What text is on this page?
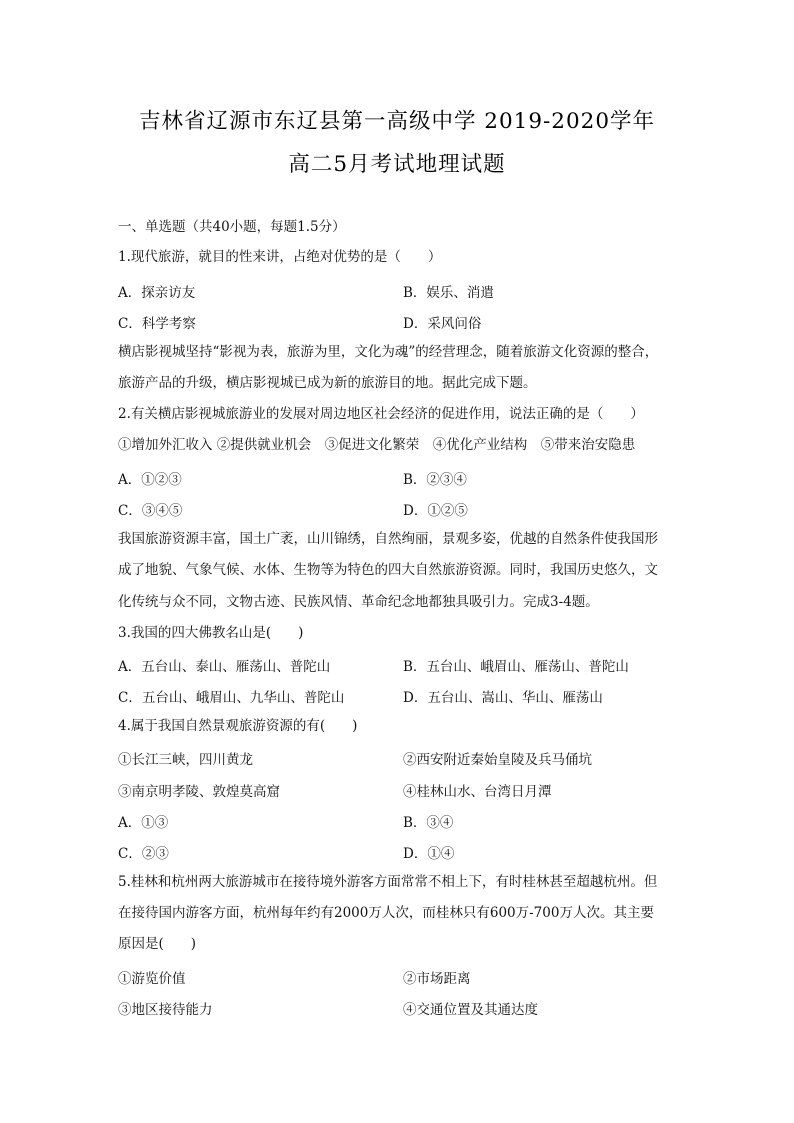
吉林省辽源市东辽县第一高级中学 2019-2020学年
高二5月考试地理试题
一、单选题（共40小题，每题1.5分）
1.现代旅游，就目的性来讲，占绝对优势的是（　　）
A．探亲访友	B．娱乐、消遣
C．科学考察	D．采风问俗
横店影视城坚持“影视为表，旅游为里，文化为魂”的经营理念，随着旅游文化资源的整合，
旅游产品的升级，横店影视城已成为新的旅游目的地。据此完成下题。
2.有关横店影视城旅游业的发展对周边地区社会经济的促进作用，说法正确的是（　　）
①增加外汇收入 ②提供就业机会　③促进文化繁荣　④优化产业结构　⑤带来治安隐患
A．①②③	B．②③④
C．③④⑤	D．①②⑤
我国旅游资源丰富，国土广袤，山川锦绣，自然绚丽，景观多姿，优越的自然条件使我国形
成了地貌、气象气候、水体、生物等为特色的四大自然旅游资源。同时，我国历史悠久，文
化传统与众不同，文物古迹、民族风情、革命纪念地都独具吸引力。完成3-4题。
3.我国的四大佛教名山是(　　)
A．五台山、泰山、雁荡山、普陀山	B．五台山、峨眉山、雁荡山、普陀山
C．五台山、峨眉山、九华山、普陀山	D．五台山、嵩山、华山、雁荡山
4.属于我国自然景观旅游资源的有(　　)
①长江三峡，四川黄龙	②西安附近秦始皇陵及兵马俑坑
③南京明孝陵、敦煌莫高窟	④桂林山水、台湾日月潭
A．①③	B．③④
C．②③	D．①④
5.桂林和杭州两大旅游城市在接待境外游客方面常常不相上下，有时桂林甚至超越杭州。但
在接待国内游客方面，杭州每年约有2000万人次，而桂林只有600万-700万人次。其主要
原因是(　　)
①游览价值	②市场距离
③地区接待能力	④交通位置及其通达度
